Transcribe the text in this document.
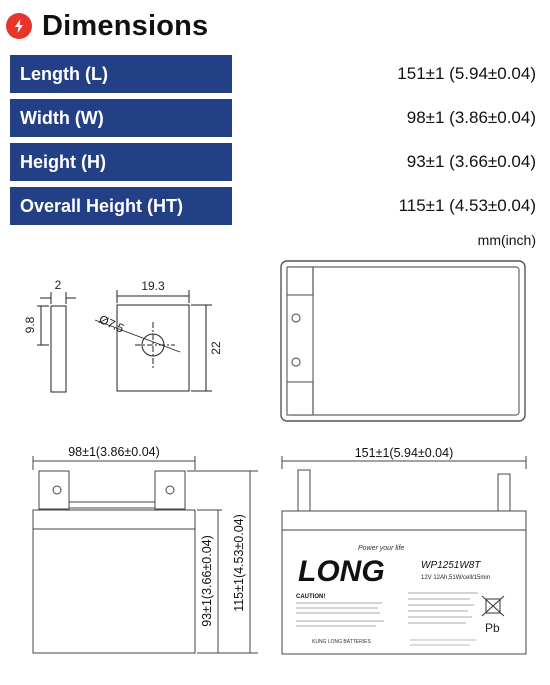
Dimensions
Length (L)	151±1 (5.94±0.04)
Width (W)	98±1 (3.86±0.04)
Height (H)	93±1 (3.66±0.04)
Overall Height (HT)	115±1 (4.53±0.04)
mm(inch)
2	19.3
22
9.8	Ø7.5
98±1(3.86±0.04)
93±1(3.66±0.04) 115±1(4.53±0.04)
151±1(5.94±0.04)
Power your life
LONG	WP1251W8T
12V 12Ah,51W/cell/15min
CAUTION!
Pb
KUNG LONG BATTERIES
